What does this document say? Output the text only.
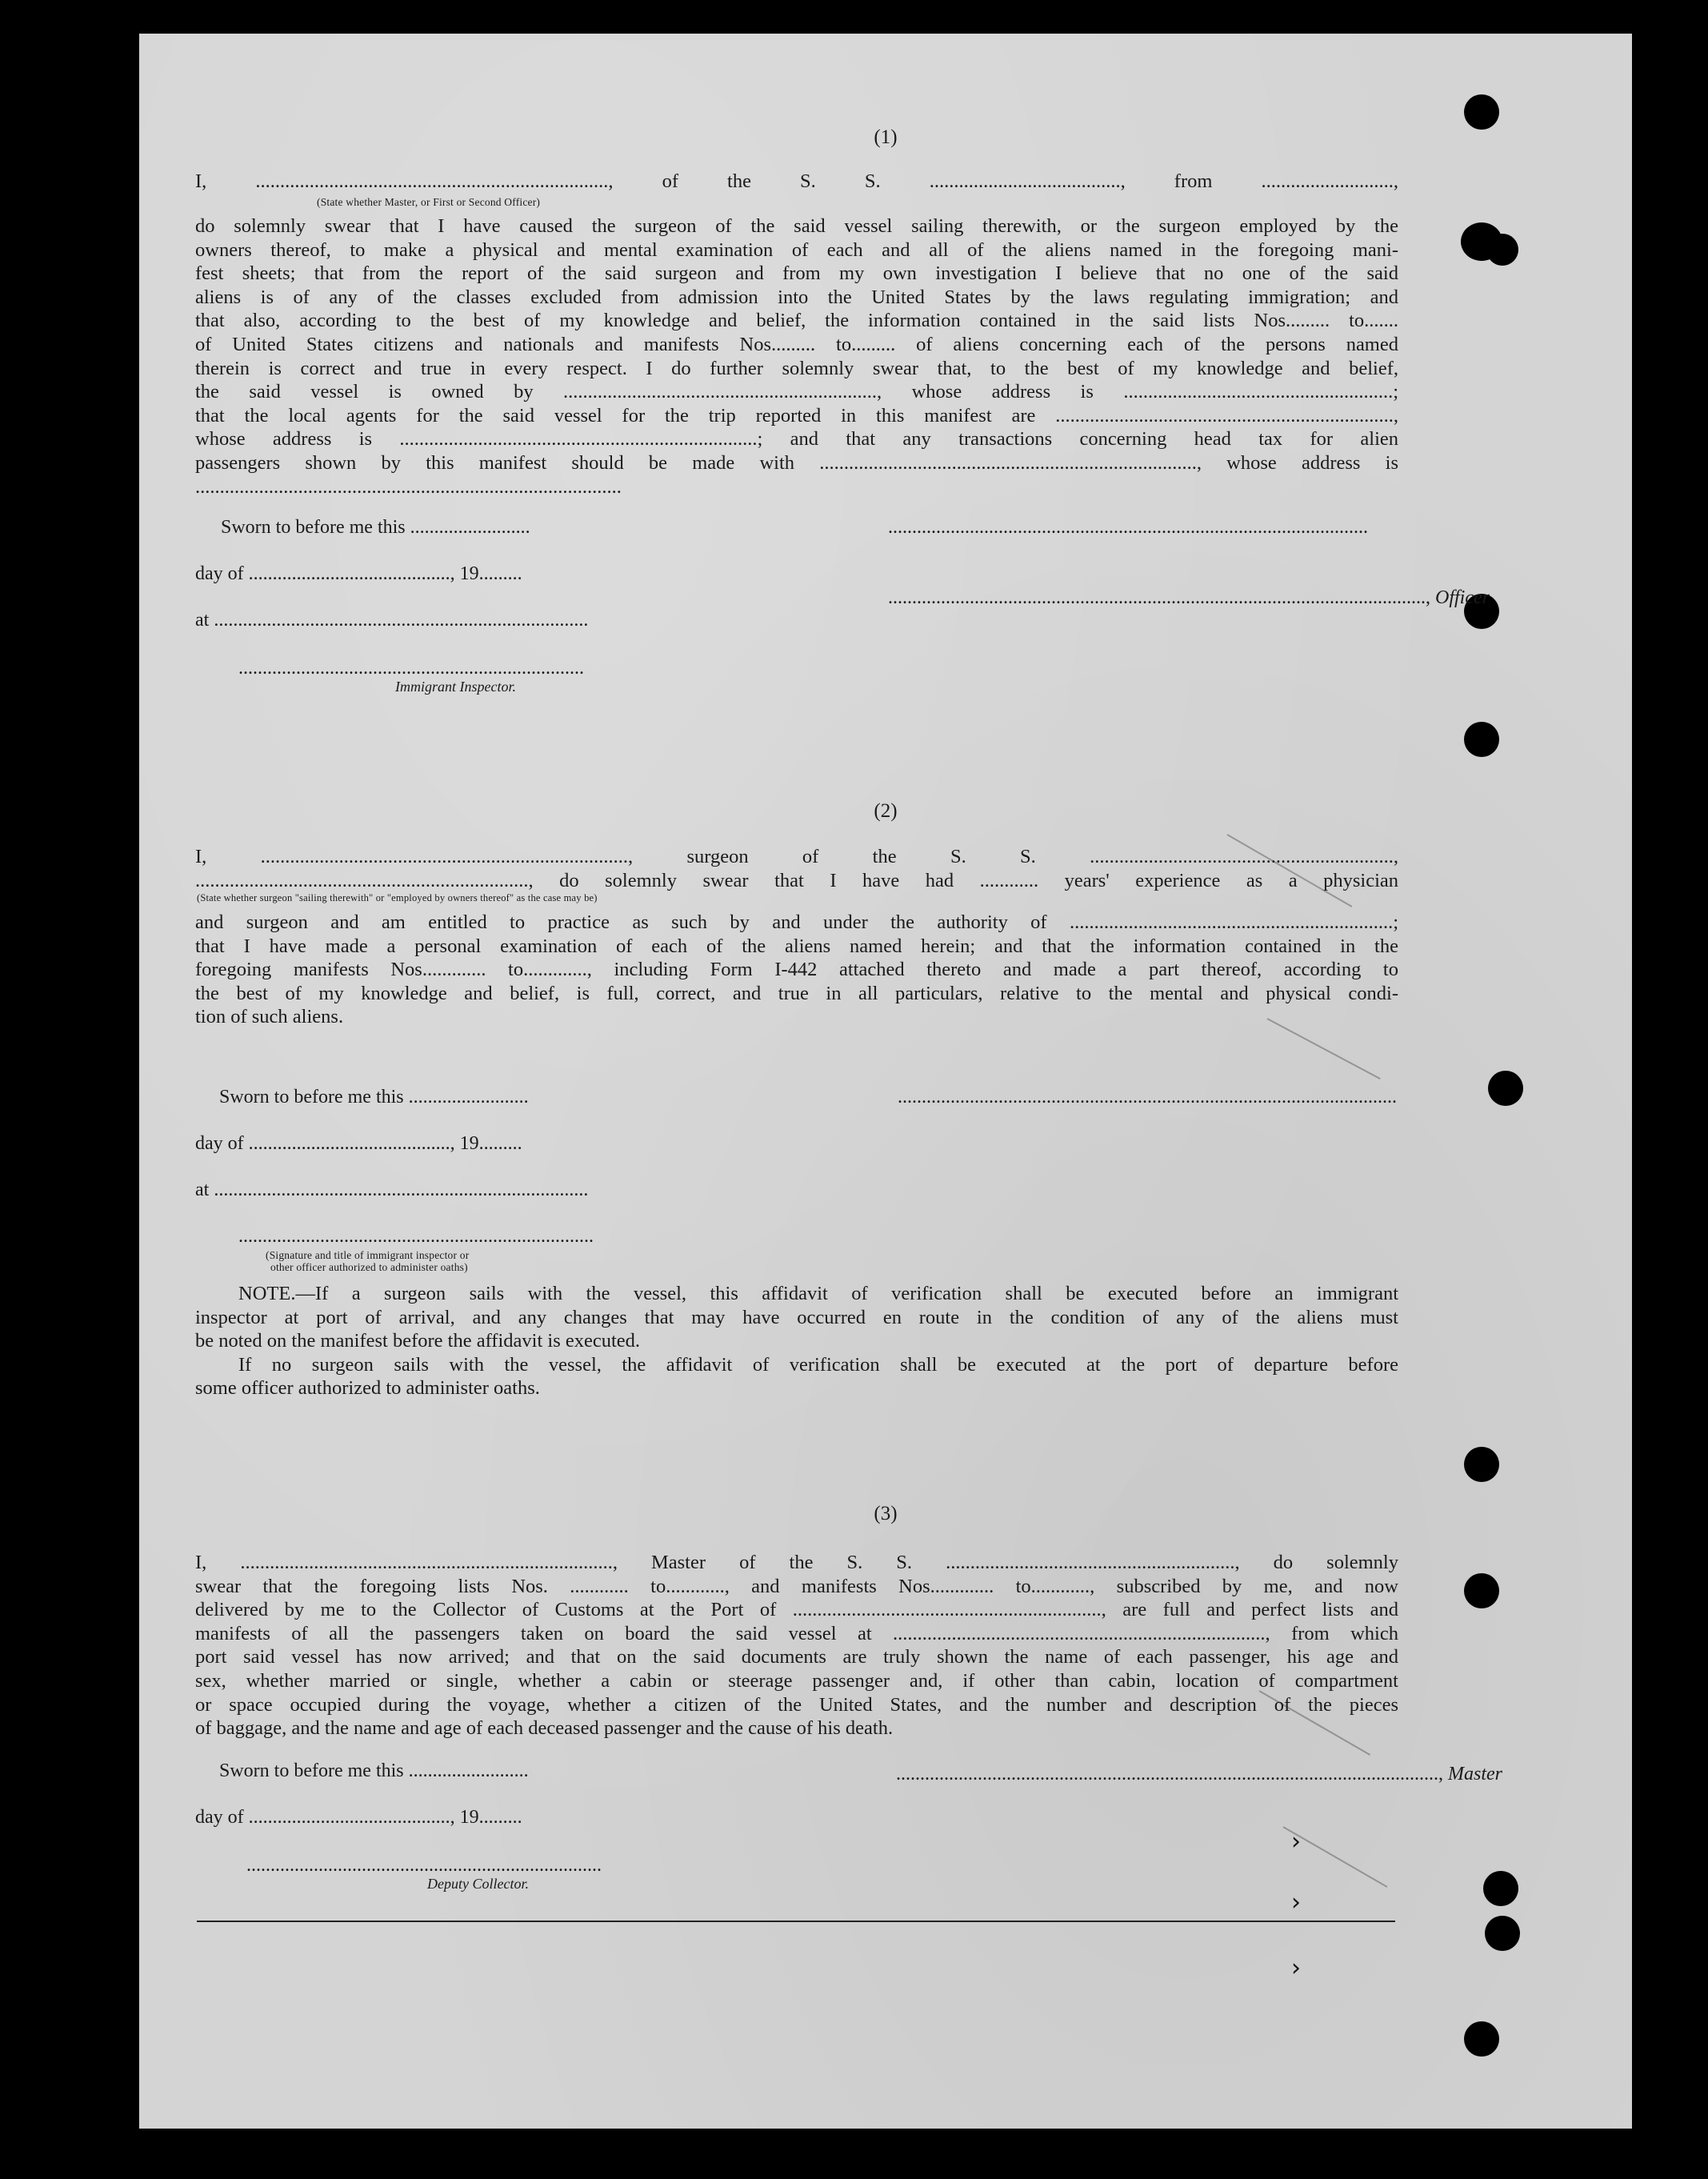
(1)
I, ........................................................................, of the S. S. ......................................., from ...........................,
(State whether Master, or First or Second Officer)
do solemnly swear that I have caused the surgeon of the said vessel sailing therewith, or the surgeon employed by the
owners thereof, to make a physical and mental examination of each and all of the aliens named in the foregoing mani-
fest sheets; that from the report of the said surgeon and from my own investigation I believe that no one of the said
aliens is of any of the classes excluded from admission into the United States by the laws regulating immigration; and
that also, according to the best of my knowledge and belief, the information contained in the said lists Nos......... to.......
of United States citizens and nationals and manifests Nos......... to......... of aliens concerning each of the persons named
therein is correct and true in every respect. I do further solemnly swear that, to the best of my knowledge and belief,
the said vessel is owned by ................................................................, whose address is .......................................................;
that the local agents for the said vessel for the trip reported in this manifest are .....................................................................,
whose address is .........................................................................; and that any transactions concerning head tax for alien
passengers shown by this manifest should be made with ............................................................................., whose address is
.......................................................................................
Sworn to before me this .........................	....................................................................................................
day of .........................................., 19.........
................................................................................................................, Officer
at ..............................................................................
........................................................................
Immigrant Inspector.
(2)
I, ..........................................................................., surgeon of the S. S. ..............................................................,
...................................................................., do solemnly swear that I have had ............ years' experience as a physician
(State whether surgeon "sailing therewith" or "employed by owners thereof" as the case may be)
and surgeon and am entitled to practice as such by and under the authority of ..................................................................;
that I have made a personal examination of each of the aliens named herein; and that the information contained in the
foregoing manifests Nos............. to............., including Form I-442 attached thereto and made a part thereof, according to
the best of my knowledge and belief, is full, correct, and true in all particulars, relative to the mental and physical condi-
tion of such aliens.
Sworn to before me this .........................	........................................................................................................
day of .........................................., 19.........
at ..............................................................................
..........................................................................
(Signature and title of immigrant inspector or
other officer authorized to administer oaths)
NOTE.—If a surgeon sails with the vessel, this affidavit of verification shall be executed before an immigrant
inspector at port of arrival, and any changes that may have occurred en route in the condition of any of the aliens must
be noted on the manifest before the affidavit is executed.
If no surgeon sails with the vessel, the affidavit of verification shall be executed at the port of departure before
some officer authorized to administer oaths.
(3)
I, ............................................................................, Master of the S. S. ..........................................................., do solemnly
swear that the foregoing lists Nos. ............ to............, and manifests Nos............. to............, subscribed by me, and now
delivered by me to the Collector of Customs at the Port of ..............................................................., are full and perfect lists and
manifests of all the passengers taken on board the said vessel at ............................................................................, from which
port said vessel has now arrived; and that on the said documents are truly shown the name of each passenger, his age and
sex, whether married or single, whether a cabin or steerage passenger and, if other than cabin, location of compartment
or space occupied during the voyage, whether a citizen of the United States, and the number and description of the pieces
of baggage, and the name and age of each deceased passenger and the cause of his death.
Sworn to before me this .........................	................................................................................................................., Master
day of .........................................., 19.........
..........................................................................
Deputy Collector.
›
›
›
